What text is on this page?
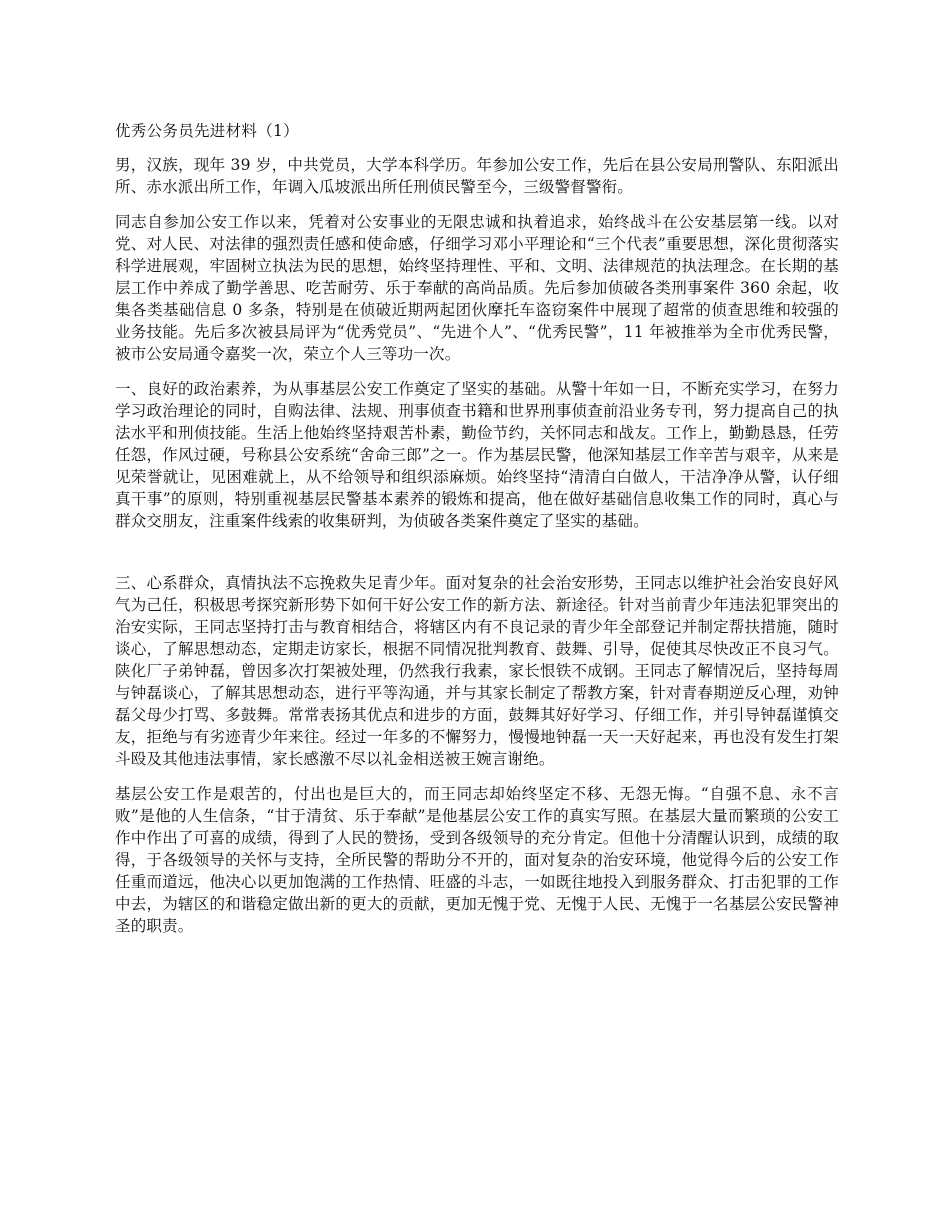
优秀公务员先进材料（1）

男，汉族，现年 39 岁，中共党员，大学本科学历。年参加公安工作，先后在县公安局刑警队、东阳派出所、赤水派出所工作，年调入瓜坡派出所任刑侦民警至今，三级警督警衔。

同志自参加公安工作以来，凭着对公安事业的无限忠诚和执着追求，始终战斗在公安基层第一线。以对党、对人民、对法律的强烈责任感和使命感，仔细学习邓小平理论和“三个代表”重要思想，深化贯彻落实科学进展观，牢固树立执法为民的思想，始终坚持理性、平和、文明、法律规范的执法理念。在长期的基层工作中养成了勤学善思、吃苦耐劳、乐于奉献的高尚品质。先后参加侦破各类刑事案件 360 余起，收集各类基础信息 0 多条，特别是在侦破近期两起团伙摩托车盗窃案件中展现了超常的侦查思维和较强的业务技能。先后多次被县局评为“优秀党员”、“先进个人”、“优秀民警”，11 年被推举为全市优秀民警，被市公安局通令嘉奖一次，荣立个人三等功一次。

一、良好的政治素养，为从事基层公安工作奠定了坚实的基础。从警十年如一日，不断充实学习，在努力学习政治理论的同时，自购法律、法规、刑事侦查书籍和世界刑事侦查前沿业务专刊，努力提高自己的执法水平和刑侦技能。生活上他始终坚持艰苦朴素，勤俭节约，关怀同志和战友。工作上，勤勤恳恳，任劳任怨，作风过硬，号称县公安系统“舍命三郎”之一。作为基层民警，他深知基层工作辛苦与艰辛，从来是见荣誉就让，见困难就上，从不给领导和组织添麻烦。始终坚持“清清白白做人，干洁净净从警，认仔细真干事”的原则，特别重视基层民警基本素养的锻炼和提高，他在做好基础信息收集工作的同时，真心与群众交朋友，注重案件线索的收集研判，为侦破各类案件奠定了坚实的基础。

三、心系群众，真情执法不忘挽救失足青少年。面对复杂的社会治安形势，王同志以维护社会治安良好风气为己任，积极思考探究新形势下如何干好公安工作的新方法、新途径。针对当前青少年违法犯罪突出的治安实际，王同志坚持打击与教育相结合，将辖区内有不良记录的青少年全部登记并制定帮扶措施，随时谈心，了解思想动态，定期走访家长，根据不同情况批判教育、鼓舞、引导，促使其尽快改正不良习气。陕化厂子弟钟磊，曾因多次打架被处理，仍然我行我素，家长恨铁不成钢。王同志了解情况后，坚持每周与钟磊谈心，了解其思想动态，进行平等沟通，并与其家长制定了帮教方案，针对青春期逆反心理，劝钟磊父母少打骂、多鼓舞。常常表扬其优点和进步的方面，鼓舞其好好学习、仔细工作，并引导钟磊谨慎交友，拒绝与有劣迹青少年来往。经过一年多的不懈努力，慢慢地钟磊一天一天好起来，再也没有发生打架斗殴及其他违法事情，家长感激不尽以礼金相送被王婉言谢绝。

基层公安工作是艰苦的，付出也是巨大的，而王同志却始终坚定不移、无怨无悔。“自强不息、永不言败”是他的人生信条，“甘于清贫、乐于奉献”是他基层公安工作的真实写照。在基层大量而繁琐的公安工作中作出了可喜的成绩，得到了人民的赞扬，受到各级领导的充分肯定。但他十分清醒认识到，成绩的取得，于各级领导的关怀与支持，全所民警的帮助分不开的，面对复杂的治安环境，他觉得今后的公安工作任重而道远，他决心以更加饱满的工作热情、旺盛的斗志，一如既往地投入到服务群众、打击犯罪的工作中去，为辖区的和谐稳定做出新的更大的贡献，更加无愧于党、无愧于人民、无愧于一名基层公安民警神圣的职责。
